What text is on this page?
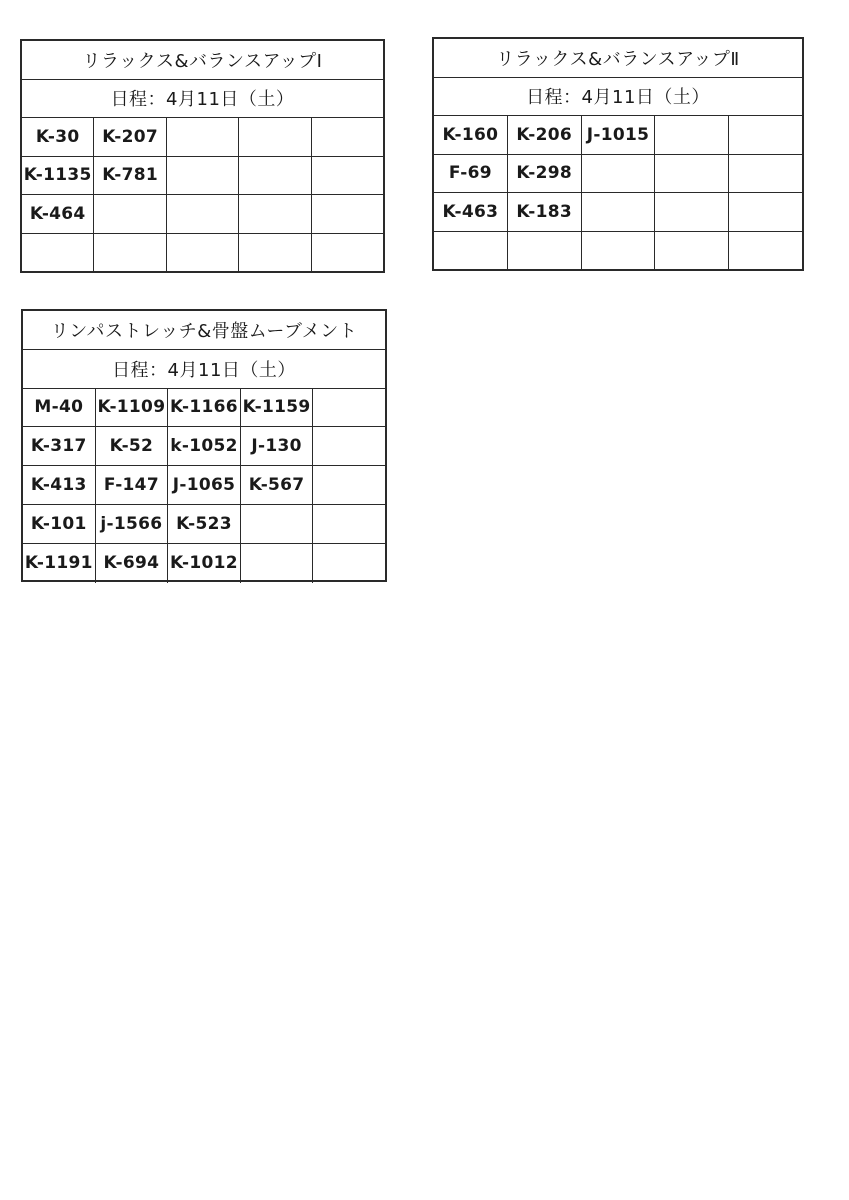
リラックス&バランスアップⅠ
日程：4月11日（土）
K-30	K-207
K-1135 K-781
K-464
リラックス&バランスアップⅡ
日程：4月11日（土）
K-160	K-206 J-1015
F-69	K-298
K-463	K-183
リンパストレッチ&骨盤ムーブメント
日程：4月11日（土）
M-40 K-1109 K-1166 K-1159
K-317	K-52	k-1052 J-130
K-413	F-147 J-1065 K-567
K-101 j-1566 K-523
K-1191 K-694 K-1012
